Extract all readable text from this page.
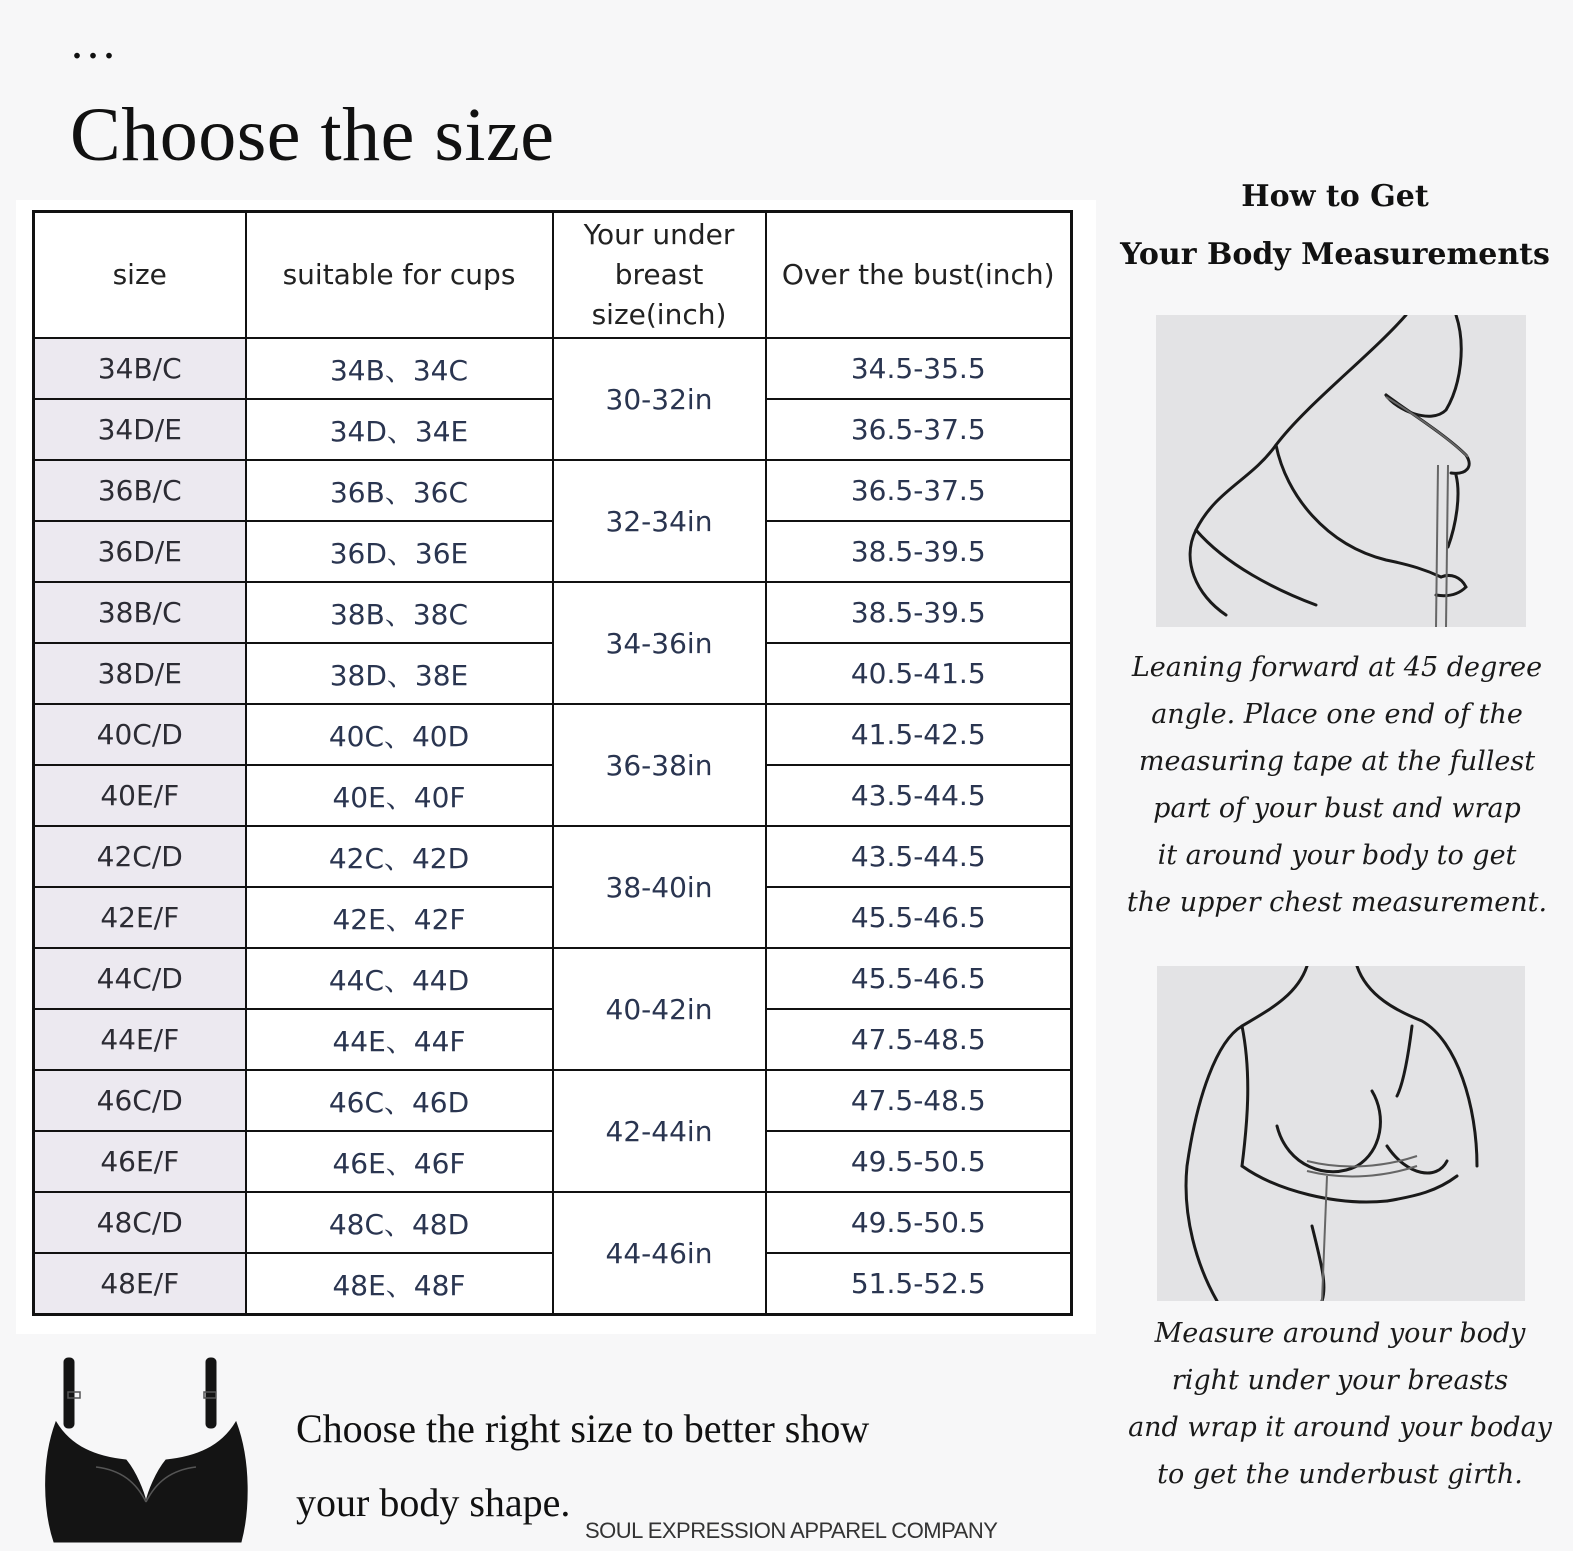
...
Choose the size
size	suitable for cups	Your under
breast
size(inch)	Over the bust(inch)
34B/C	34B、34C	30-32in	34.5-35.5
34D/E	34D、34E		36.5-37.5
36B/C	36B、36C	32-34in	36.5-37.5
36D/E	36D、36E		38.5-39.5
38B/C	38B、38C	34-36in	38.5-39.5
38D/E	38D、38E		40.5-41.5
40C/D	40C、40D	36-38in	41.5-42.5
40E/F	40E、40F		43.5-44.5
42C/D	42C、42D	38-40in	43.5-44.5
42E/F	42E、42F		45.5-46.5
44C/D	44C、44D	40-42in	45.5-46.5
44E/F	44E、44F		47.5-48.5
46C/D	46C、46D	42-44in	47.5-48.5
46E/F	46E、46F		49.5-50.5
48C/D	48C、48D	44-46in	49.5-50.5
48E/F	48E、48F		51.5-52.5
How to Get
Your Body Measurements
Leaning forward at 45 degree
angle. Place one end of the
measuring tape at the fullest
part of your bust and wrap
it around your body to get
the upper chest measurement.
Measure around your body
right under your breasts
and wrap it around your boday
to get the underbust girth.
Choose the right size to better show
your body shape.
SOUL EXPRESSION APPAREL COMPANY
